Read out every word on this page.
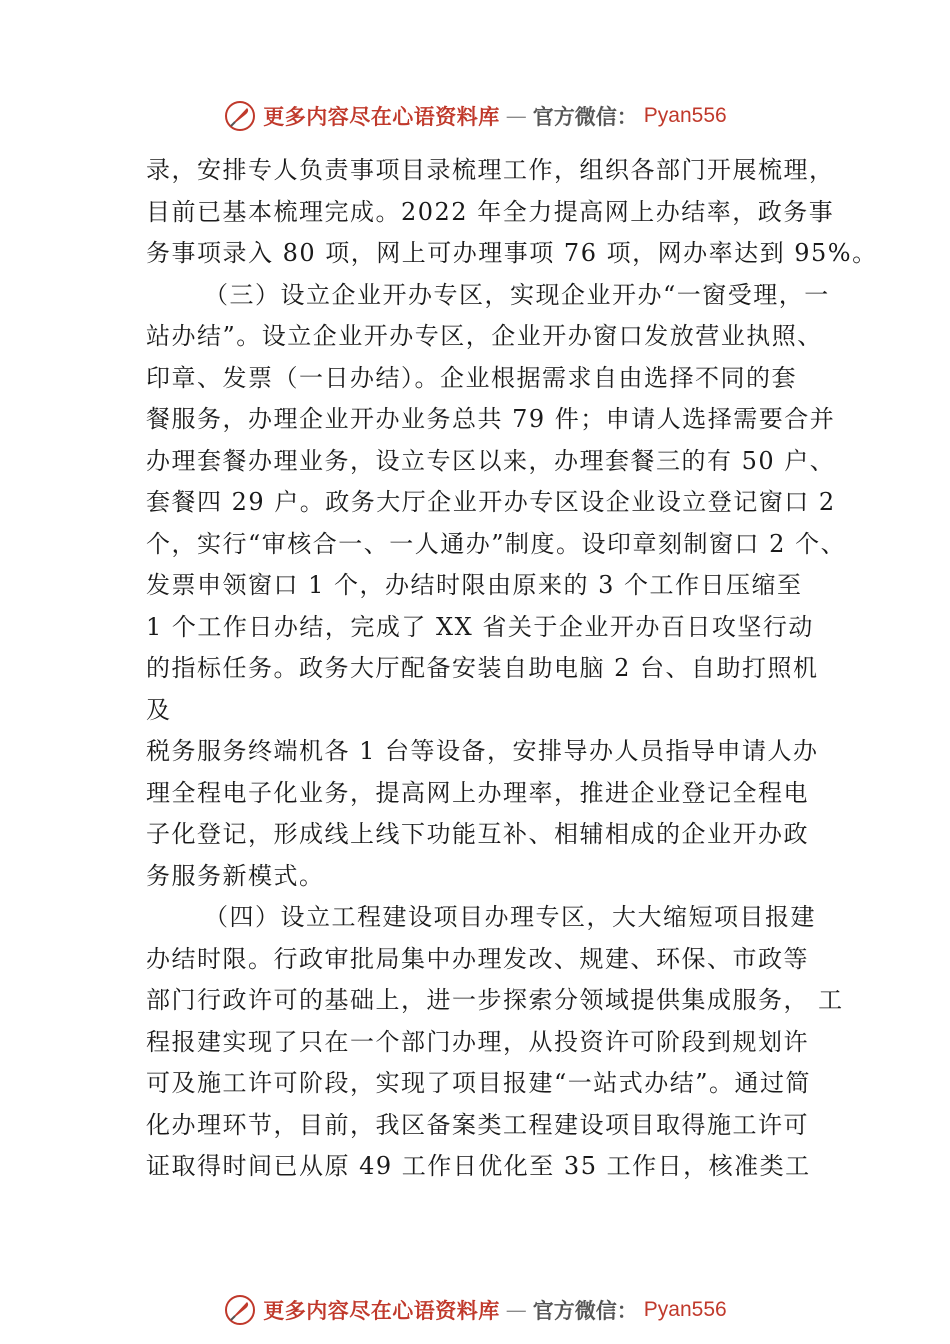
更多内容尽在心语资料库 — 官方微信： Pyan556
录，安排专人负责事项目录梳理工作，组织各部门开展梳理，
目前已基本梳理完成。2022 年全力提高网上办结率，政务事
务事项录入 80 项，网上可办理事项 76 项，网办率达到 95%。
（三）设立企业开办专区，实现企业开办“一窗受理，一
站办结”。设立企业开办专区，企业开办窗口发放营业执照、
印章、发票（一日办结）。企业根据需求自由选择不同的套
餐服务，办理企业开办业务总共 79 件；申请人选择需要合并
办理套餐办理业务，设立专区以来，办理套餐三的有 50 户、
套餐四 29 户。政务大厅企业开办专区设企业设立登记窗口 2
个，实行“审核合一、一人通办”制度。设印章刻制窗口 2 个、
发票申领窗口 1 个，办结时限由原来的 3 个工作日压缩至
1 个工作日办结，完成了 XX 省关于企业开办百日攻坚行动
的指标任务。政务大厅配备安装自助电脑 2 台、自助打照机
及
税务服务终端机各 1 台等设备，安排导办人员指导申请人办
理全程电子化业务，提高网上办理率，推进企业登记全程电
子化登记，形成线上线下功能互补、相辅相成的企业开办政
务服务新模式。
（四）设立工程建设项目办理专区，大大缩短项目报建
办结时限。行政审批局集中办理发改、规建、环保、市政等
部门行政许可的基础上，进一步探索分领域提供集成服务， 工
程报建实现了只在一个部门办理，从投资许可阶段到规划许
可及施工许可阶段，实现了项目报建“一站式办结”。通过简
化办理环节，目前，我区备案类工程建设项目取得施工许可
证取得时间已从原 49 工作日优化至 35 工作日，核准类工
更多内容尽在心语资料库 — 官方微信： Pyan556
